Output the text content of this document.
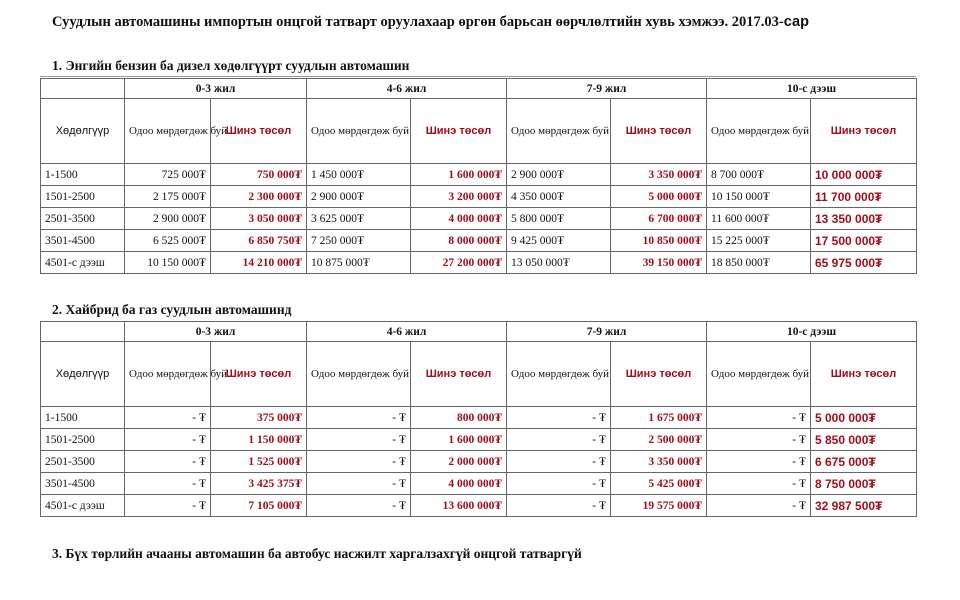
Суудлын автомашины импортын онцгой татварт оруулахаар өргөн барьсан өөрчлөлтийн хувь хэмжээ. 2017.03-сар
1. Энгийн бензин ба дизел хөдөлгүүрт суудлын автомашин
	0-3 жил		4-6 жил		7-9 жил		10-с дээш	
Хөдөлгүүр	Одоо мөрдөгдөж буй	Шинэ төсөл	Одоо мөрдөгдөж буй	Шинэ төсөл	Одоо мөрдөгдөж буй	Шинэ төсөл	Одоо мөрдөгдөж буй	Шинэ төсөл
1-1500	725 000₮	750 000₮	1 450 000₮	1 600 000₮	2 900 000₮	3 350 000₮	8 700 000₮	10 000 000₮
1501-2500	2 175 000₮	2 300 000₮	2 900 000₮	3 200 000₮	4 350 000₮	5 000 000₮	10 150 000₮	11 700 000₮
2501-3500	2 900 000₮	3 050 000₮	3 625 000₮	4 000 000₮	5 800 000₮	6 700 000₮	11 600 000₮	13 350 000₮
3501-4500	6 525 000₮	6 850 750₮	7 250 000₮	8 000 000₮	9 425 000₮	10 850 000₮	15 225 000₮	17 500 000₮
4501-с дээш	10 150 000₮	14 210 000₮	10 875 000₮	27 200 000₮	13 050 000₮	39 150 000₮	18 850 000₮	65 975 000₮
2. Хайбрид ба газ суудлын автомашинд
	0-3 жил		4-6 жил		7-9 жил		10-с дээш	
Хөдөлгүүр	Одоо мөрдөгдөж буй	Шинэ төсөл	Одоо мөрдөгдөж буй	Шинэ төсөл	Одоо мөрдөгдөж буй	Шинэ төсөл	Одоо мөрдөгдөж буй	Шинэ төсөл
1-1500	- ₮	375 000₮	- ₮	800 000₮	- ₮	1 675 000₮	- ₮	5 000 000₮
1501-2500	- ₮	1 150 000₮	- ₮	1 600 000₮	- ₮	2 500 000₮	- ₮	5 850 000₮
2501-3500	- ₮	1 525 000₮	- ₮	2 000 000₮	- ₮	3 350 000₮	- ₮	6 675 000₮
3501-4500	- ₮	3 425 375₮	- ₮	4 000 000₮	- ₮	5 425 000₮	- ₮	8 750 000₮
4501-с дээш	- ₮	7 105 000₮	- ₮	13 600 000₮	- ₮	19 575 000₮	- ₮	32 987 500₮
3. Бүх төрлийн ачааны автомашин ба автобус насжилт харгалзахгүй онцгой татваргүй
